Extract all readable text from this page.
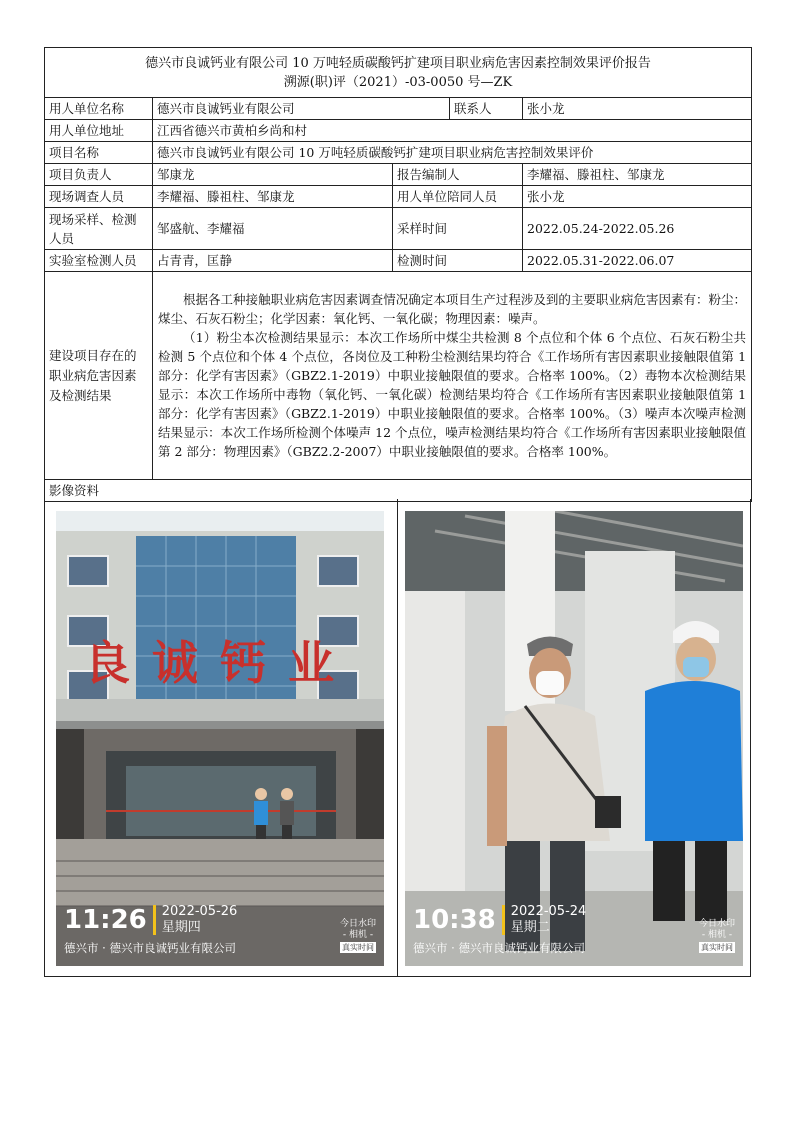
德兴市良诚钙业有限公司 10 万吨轻质碳酸钙扩建项目职业病危害因素控制效果评价报告
溯源(职)评（2021）-03-0050 号—ZK				

用人单位名称	德兴市良诚钙业有限公司		联系人	张小龙
用人单位地址	江西省德兴市黄柏乡尚和村			
项目名称	德兴市良诚钙业有限公司 10 万吨轻质碳酸钙扩建项目职业病危害控制效果评价			
项目负责人	邹康龙	报告编制人		李耀福、滕祖柱、邹康龙
现场调查人员	李耀福、滕祖柱、邹康龙	用人单位陪同人员		张小龙
现场采样、检测人员	邹盛航、李耀福	采样时间		2022.05.24-2022.05.26
实验室检测人员	占青青，匡静	检测时间		2022.05.31-2022.06.07
建设项目存在的职业病危害因素及检测结果	根据各工种接触职业病危害因素调查情况确定本项目生产过程涉及到的主要职业病危害因素有：粉尘：煤尘、石灰石粉尘；化学因素：氧化钙、一氧化碳；物理因素：噪声。
（1）粉尘本次检测结果显示：本次工作场所中煤尘共检测 8 个点位和个体 6 个点位、石灰石粉尘共检测 5 个点位和个体 4 个点位，各岗位及工种粉尘检测结果均符合《工作场所有害因素职业接触限值第 1 部分：化学有害因素》（GBZ2.1-2019）中职业接触限值的要求。合格率 100%。（2）毒物本次检测结果显示：本次工作场所中毒物（氧化钙、一氧化碳）检测结果均符合《工作场所有害因素职业接触限值第 1 部分：化学有害因素》（GBZ2.1-2019）中职业接触限值的要求。合格率 100%。（3）噪声本次噪声检测结果显示：本次工作场所检测个体噪声 12 个点位，噪声检测结果均符合《工作场所有害因素职业接触限值第 2 部分：物理因素》（GBZ2.2-2007）中职业接触限值的要求。合格率 100%。			

影像资料				
良诚钙业
11:26 2022-05-26
星期四
德兴市 · 德兴市良诚钙业有限公司
今日水印
- 相机 -
真实时间
10:38 2022-05-24
星期二
德兴市 · 德兴市良诚钙业有限公司
今日水印
- 相机 -
真实时间
